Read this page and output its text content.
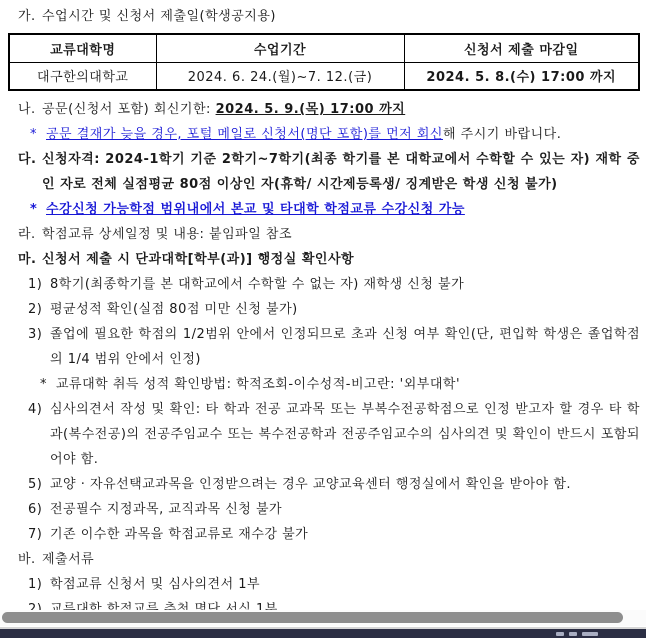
가. 수업시간 및 신청서 제출일(학생공지용)
교류대학명	수업기간	신청서 제출 마감일
대구한의대학교	2024. 6. 24.(월)~7. 12.(금)	2024. 5. 8.(수) 17:00 까지
나. 공문(신청서 포함) 회신기한: 2024. 5. 9.(목) 17:00 까지
* 공문 결재가 늦을 경우, 포털 메일로 신청서(명단 포함)를 먼저 회신해 주시기 바랍니다.
다. 신청자격: 2024-1학기 기준 2학기~7학기(최종 학기를 본 대학교에서 수학할 수 있는 자) 재학 중인 자로 전체 실점평균 80점 이상인 자(휴학/ 시간제등록생/ 징계받은 학생 신청 불가)
* 수강신청 가능학점 범위내에서 본교 및 타대학 학점교류 수강신청 가능
라. 학점교류 상세일정 및 내용: 붙임파일 참조
마. 신청서 제출 시 단과대학[학부(과)] 행정실 확인사항
1) 8학기(최종학기를 본 대학교에서 수학할 수 없는 자) 재학생 신청 불가
2) 평균성적 확인(실점 80점 미만 신청 불가)
3) 졸업에 필요한 학점의 1/2범위 안에서 인정되므로 초과 신청 여부 확인(단, 편입학 학생은 졸업학점의 1/4 범위 안에서 인정)
* 교류대학 취득 성적 확인방법: 학적조회-이수성적-비고란: '외부대학'
4) 심사의견서 작성 및 확인: 타 학과 전공 교과목 또는 부복수전공학점으로 인정 받고자 할 경우 타 학과(복수전공)의 전공주임교수 또는 복수전공학과 전공주임교수의 심사의견 및 확인이 반드시 포함되어야 함.
5) 교양 · 자유선택교과목을 인정받으려는 경우 교양교육센터 행정실에서 확인을 받아야 함.
6) 전공필수 지정과목, 교직과목 신청 불가
7) 기존 이수한 과목을 학점교류로 재수강 불가
바. 제출서류
1) 학점교류 신청서 및 심사의견서 1부
